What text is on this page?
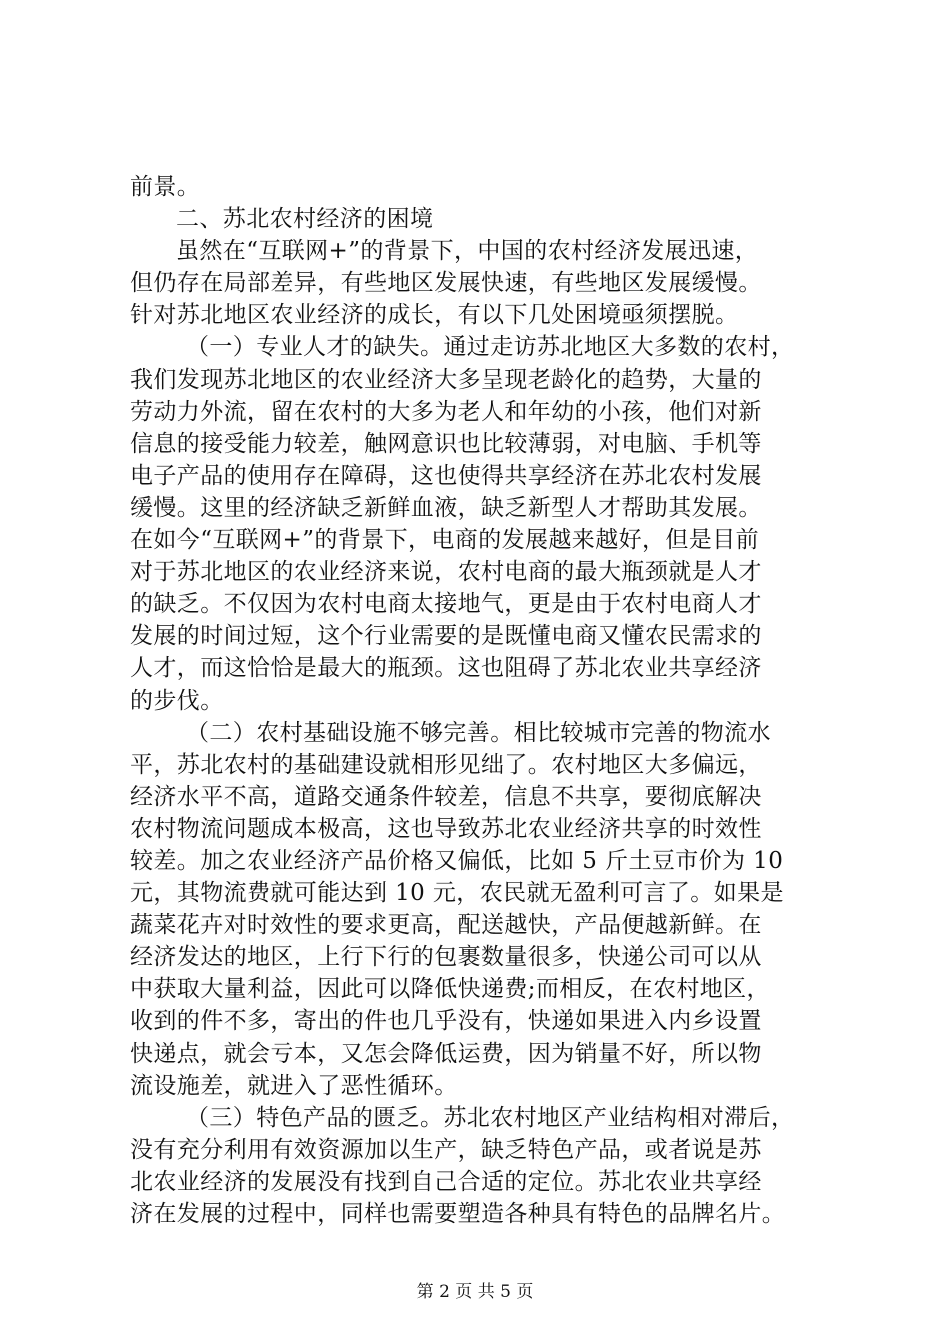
前景。
二、苏北农村经济的困境
虽然在“互联网+”的背景下，中国的农村经济发展迅速，
但仍存在局部差异，有些地区发展快速，有些地区发展缓慢。
针对苏北地区农业经济的成长，有以下几处困境亟须摆脱。
（一）专业人才的缺失。通过走访苏北地区大多数的农村，
我们发现苏北地区的农业经济大多呈现老龄化的趋势，大量的
劳动力外流，留在农村的大多为老人和年幼的小孩，他们对新
信息的接受能力较差，触网意识也比较薄弱，对电脑、手机等
电子产品的使用存在障碍，这也使得共享经济在苏北农村发展
缓慢。这里的经济缺乏新鲜血液，缺乏新型人才帮助其发展。
在如今“互联网+”的背景下，电商的发展越来越好，但是目前
对于苏北地区的农业经济来说，农村电商的最大瓶颈就是人才
的缺乏。不仅因为农村电商太接地气，更是由于农村电商人才
发展的时间过短，这个行业需要的是既懂电商又懂农民需求的
人才，而这恰恰是最大的瓶颈。这也阻碍了苏北农业共享经济
的步伐。
（二）农村基础设施不够完善。相比较城市完善的物流水
平，苏北农村的基础建设就相形见绌了。农村地区大多偏远，
经济水平不高，道路交通条件较差，信息不共享，要彻底解决
农村物流问题成本极高，这也导致苏北农业经济共享的时效性
较差。加之农业经济产品价格又偏低，比如 5 斤土豆市价为 10
元，其物流费就可能达到 10 元，农民就无盈利可言了。如果是
蔬菜花卉对时效性的要求更高，配送越快，产品便越新鲜。在
经济发达的地区，上行下行的包裹数量很多，快递公司可以从
中获取大量利益，因此可以降低快递费;而相反，在农村地区，
收到的件不多，寄出的件也几乎没有，快递如果进入内乡设置
快递点，就会亏本，又怎会降低运费，因为销量不好，所以物
流设施差，就进入了恶性循环。
（三）特色产品的匮乏。苏北农村地区产业结构相对滞后，
没有充分利用有效资源加以生产，缺乏特色产品，或者说是苏
北农业经济的发展没有找到自己合适的定位。苏北农业共享经
济在发展的过程中，同样也需要塑造各种具有特色的品牌名片。
第 2 页 共 5 页
